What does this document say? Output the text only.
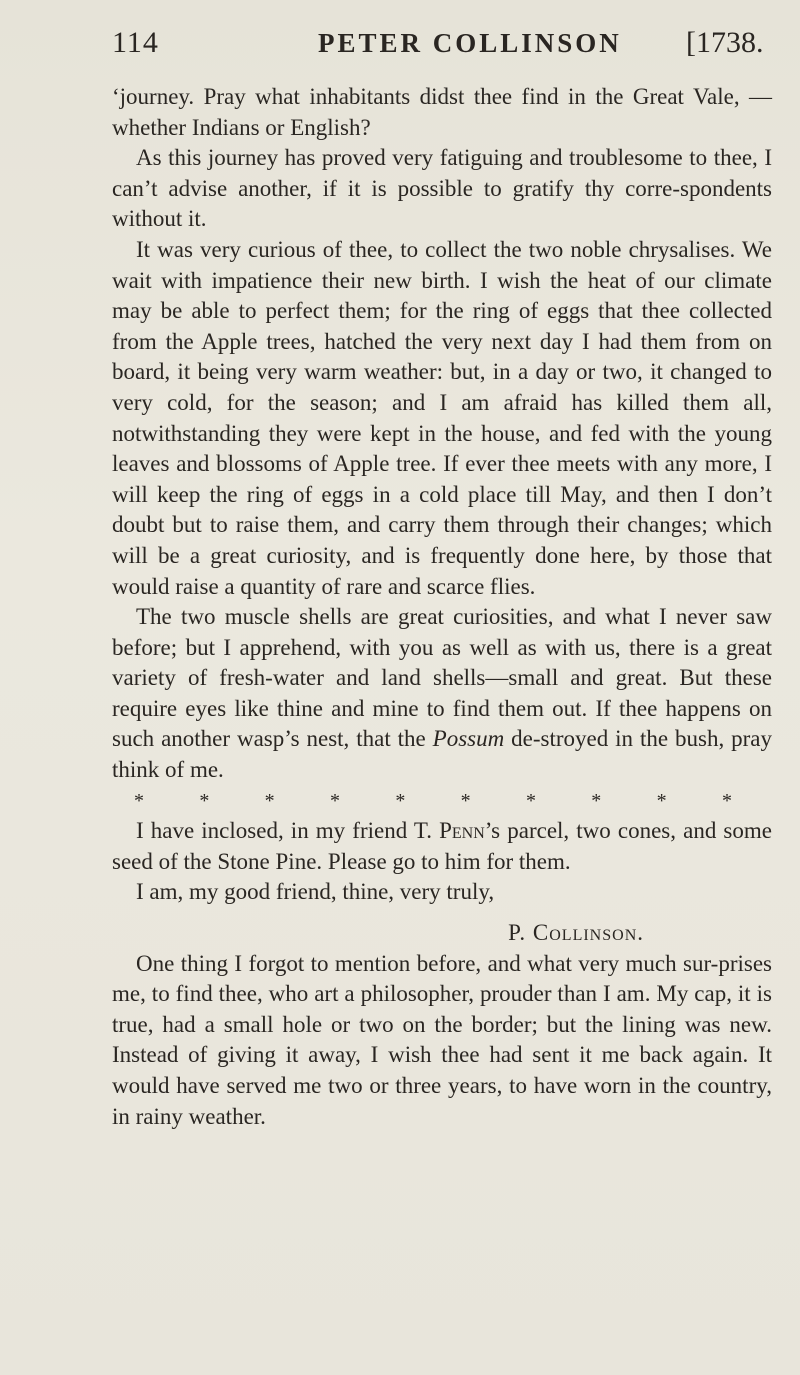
114	PETER COLLINSON [1738.

‘journey. Pray what inhabitants didst thee find in the Great Vale, —whether Indians or English?

As this journey has proved very fatiguing and troublesome to thee, I can’t advise another, if it is possible to gratify thy corre-spondents without it.

It was very curious of thee, to collect the two noble chrysalises. We wait with impatience their new birth. I wish the heat of our climate may be able to perfect them; for the ring of eggs that thee collected from the Apple trees, hatched the very next day I had them from on board, it being very warm weather: but, in a day or two, it changed to very cold, for the season; and I am afraid has killed them all, notwithstanding they were kept in the house, and fed with the young leaves and blossoms of Apple tree. If ever thee meets with any more, I will keep the ring of eggs in a cold place till May, and then I don’t doubt but to raise them, and carry them through their changes; which will be a great curiosity, and is frequently done here, by those that would raise a quantity of rare and scarce flies.

The two muscle shells are great curiosities, and what I never saw before; but I apprehend, with you as well as with us, there is a great variety of fresh-water and land shells—small and great. But these require eyes like thine and mine to find them out. If thee happens on such another wasp’s nest, that the Possum de-stroyed in the bush, pray think of me.

*	*	*	*	*	*	*	*	*	*

I have inclosed, in my friend T. Penn’s parcel, two cones, and some seed of the Stone Pine. Please go to him for them.

I am, my good friend, thine, very truly,

P. Collinson.

One thing I forgot to mention before, and what very much sur-prises me, to find thee, who art a philosopher, prouder than I am. My cap, it is true, had a small hole or two on the border; but the lining was new. Instead of giving it away, I wish thee had sent it me back again. It would have served me two or three years, to have worn in the country, in rainy weather.
